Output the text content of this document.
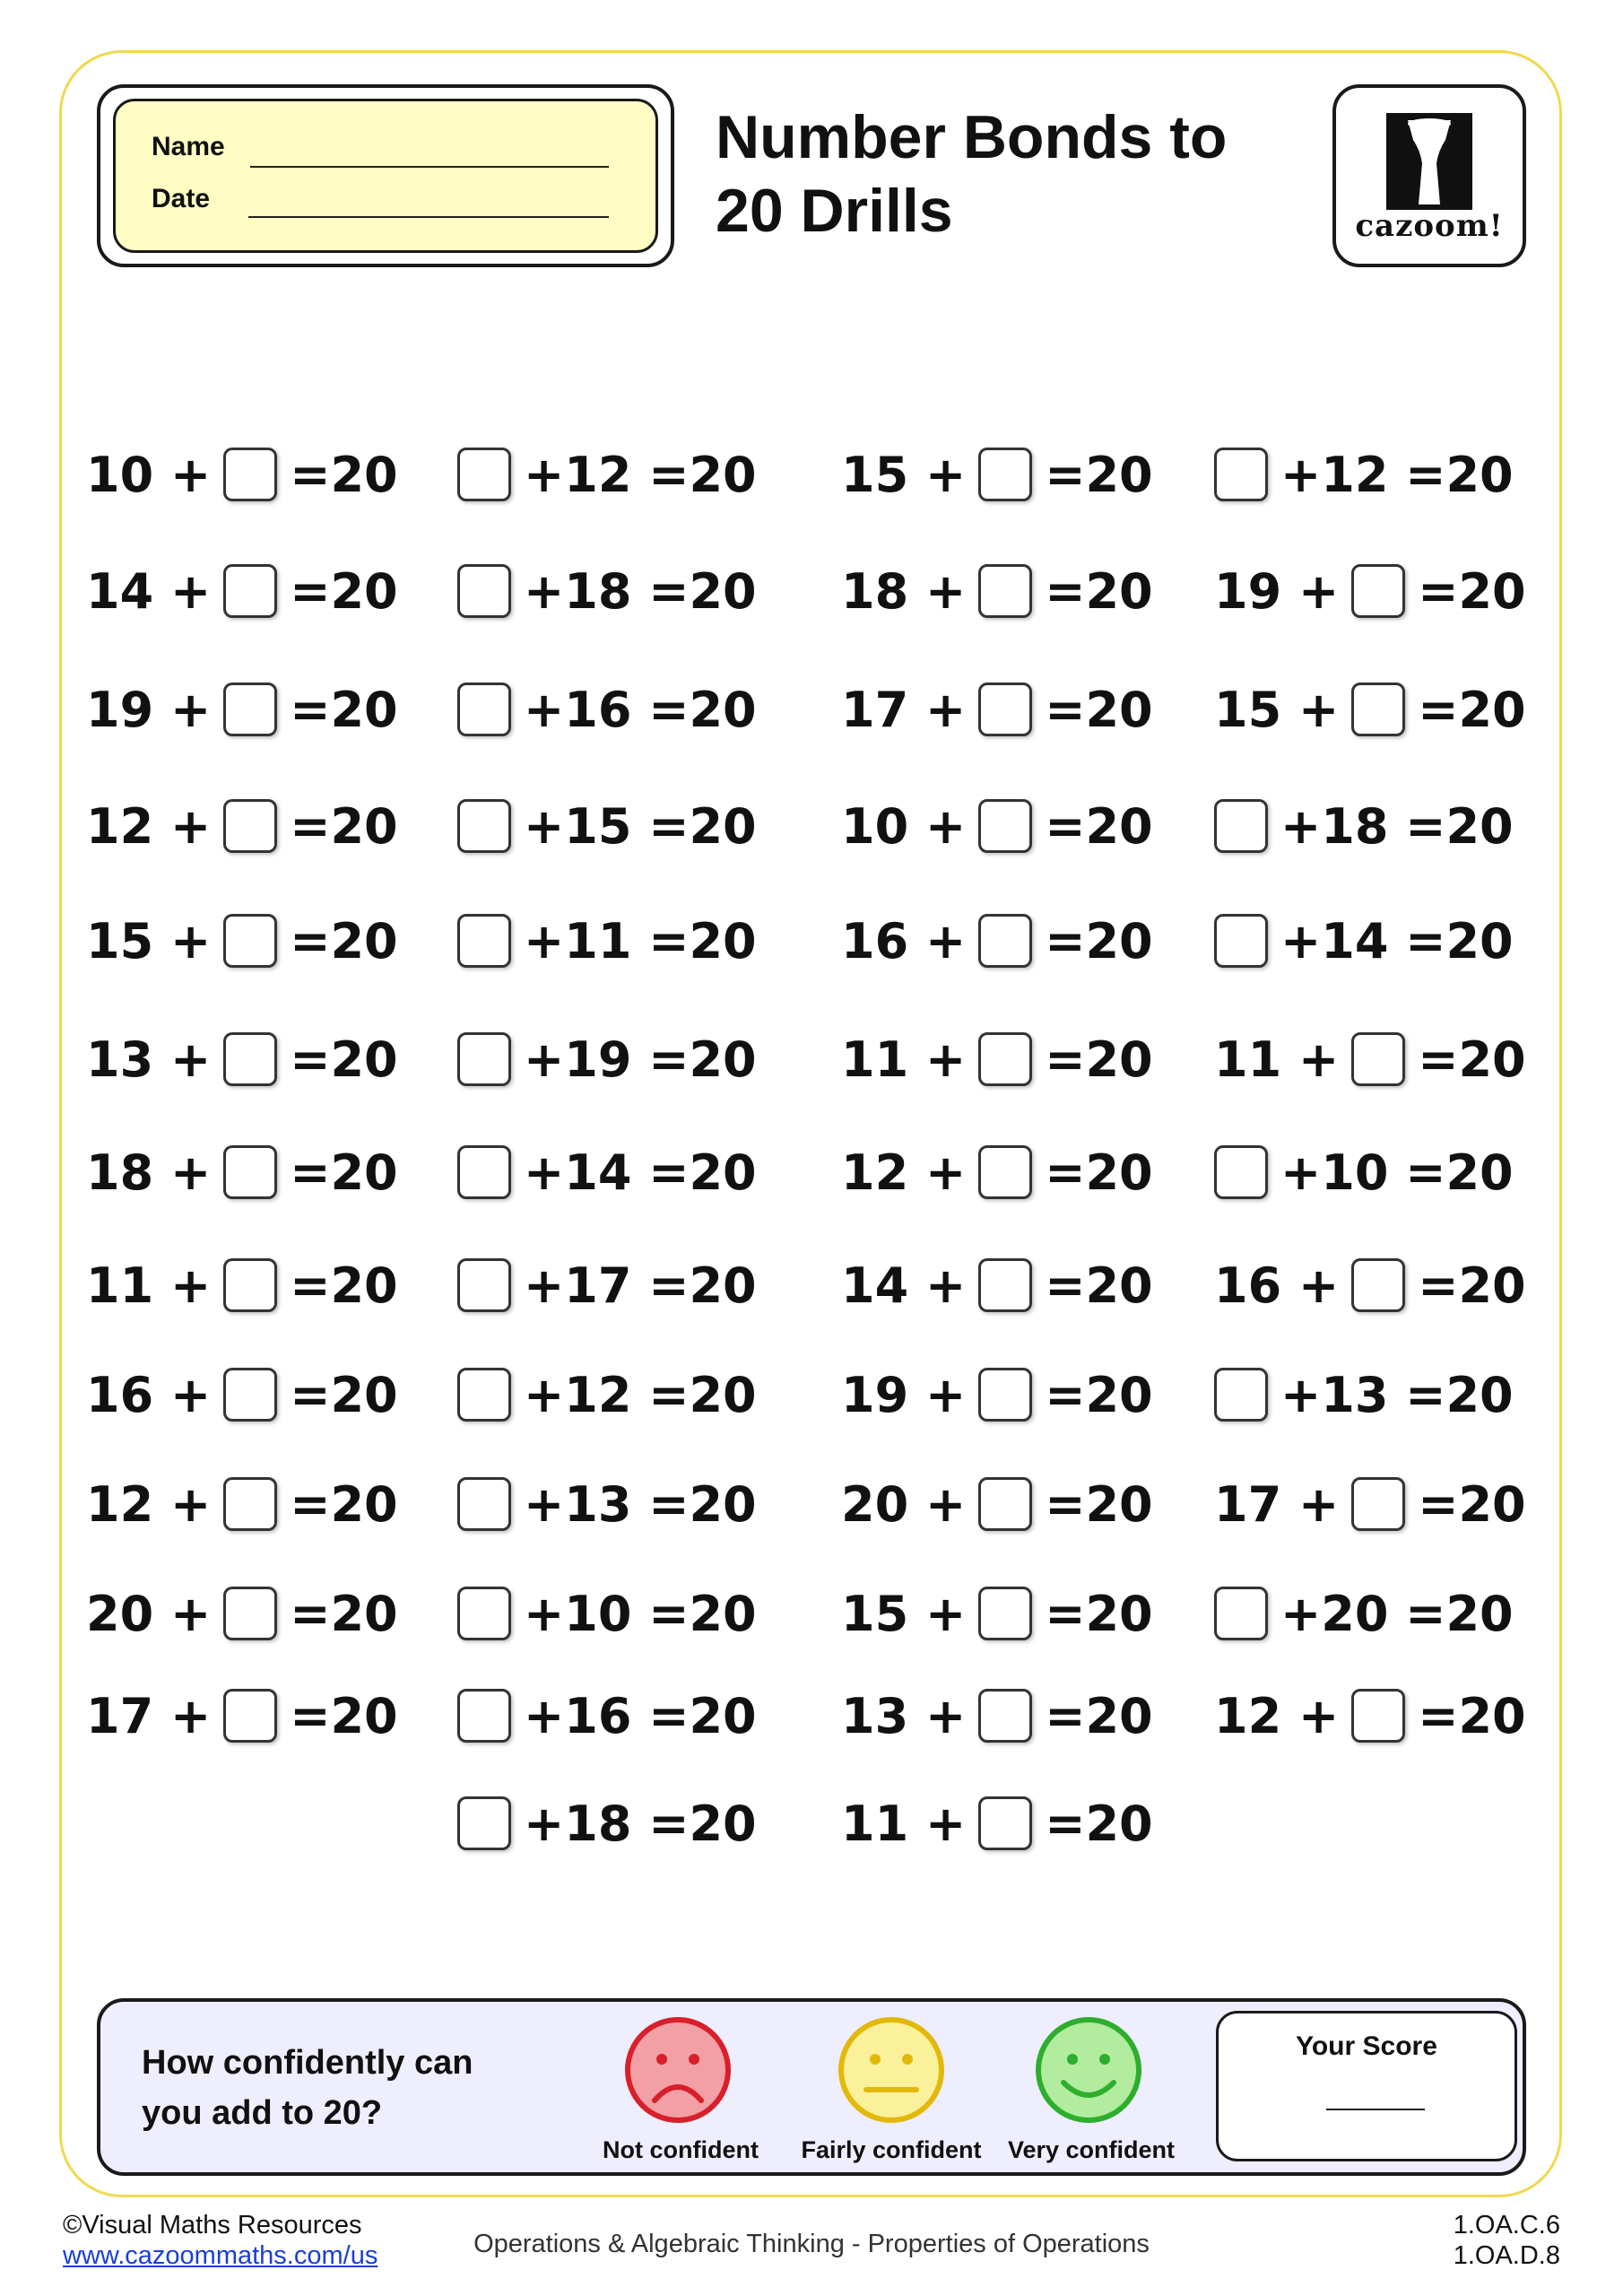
Name
Date
Number Bonds to
20 Drills	cazoom!
10 + = 20
14 + = 20
19 + = 20
12 + = 20
15 + = 20
13 + = 20
18 + = 20
11 + = 20
16 + = 20
12 + = 20
20 + = 20
17 + = 20
+ 12 = 20
+ 18 = 20
+ 16 = 20
+ 15 = 20
+ 11 = 20
+ 19 = 20
+ 14 = 20
+ 17 = 20
+ 12 = 20
+ 13 = 20
+ 10 = 20
+ 16 = 20
+ 18 = 20
15 + = 20
18 + = 20
17 + = 20
10 + = 20
16 + = 20
11 + = 20
12 + = 20
14 + = 20
19 + = 20
20 + = 20
15 + = 20
13 + = 20
11 + = 20
+ 12 = 20
19 + = 20
15 + = 20
+ 18 = 20
+ 14 = 20
11 + = 20
+ 10 = 20
16 + = 20
+ 13 = 20
17 + = 20
+ 20 = 20
12 + = 20
How confidently can you add to 20?
Not confident	Fairly confident	Very confident
Your Score
©Visual Maths Resources
www.cazoommaths.com/us	Operations & Algebraic Thinking - Properties of Operations
1.OA.C.6
1.OA.D.8
